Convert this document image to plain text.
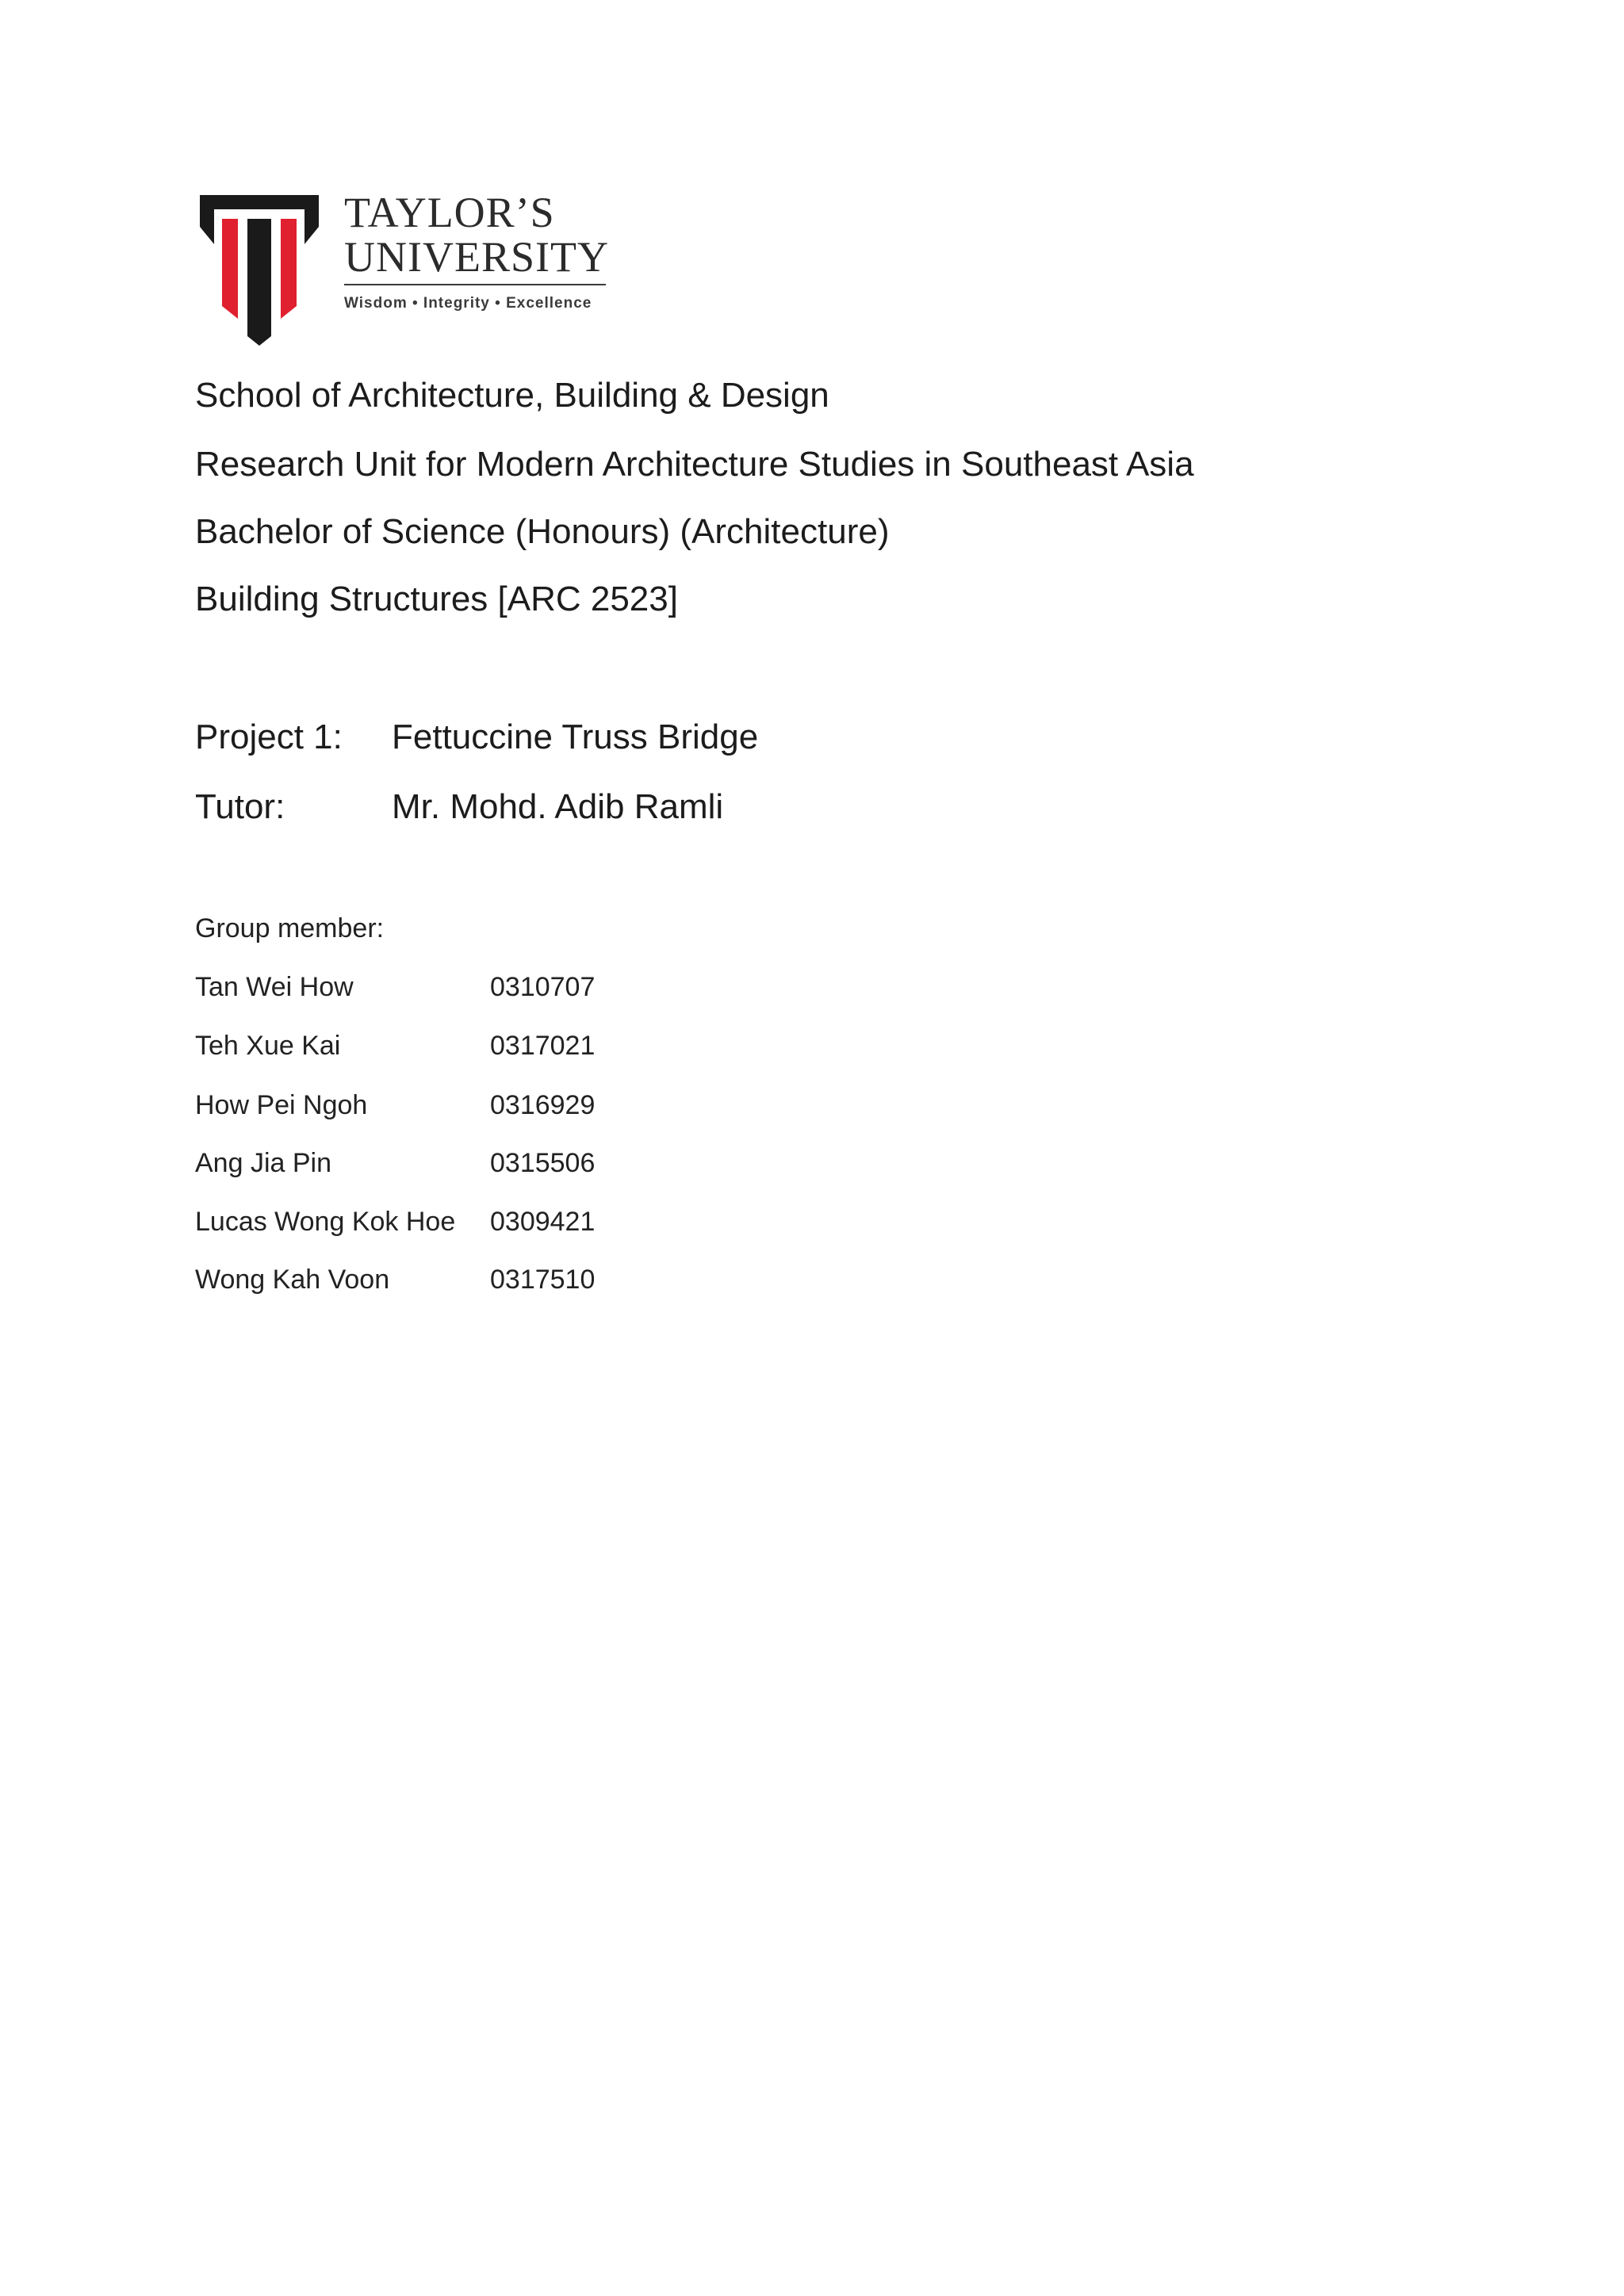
TAYLOR’S
UNIVERSITY
Wisdom • Integrity • Excellence
School of Architecture, Building & Design
Research Unit for Modern Architecture Studies in Southeast Asia
Bachelor of Science (Honours) (Architecture)
Building Structures [ARC 2523]
Project 1: Fettuccine Truss Bridge
Tutor:	Mr. Mohd. Adib Ramli
Group member:
Tan Wei How	0310707
Teh Xue Kai	0317021
How Pei Ngoh	0316929
Ang Jia Pin	0315506
Lucas Wong Kok Hoe 0309421
Wong Kah Voon	0317510
